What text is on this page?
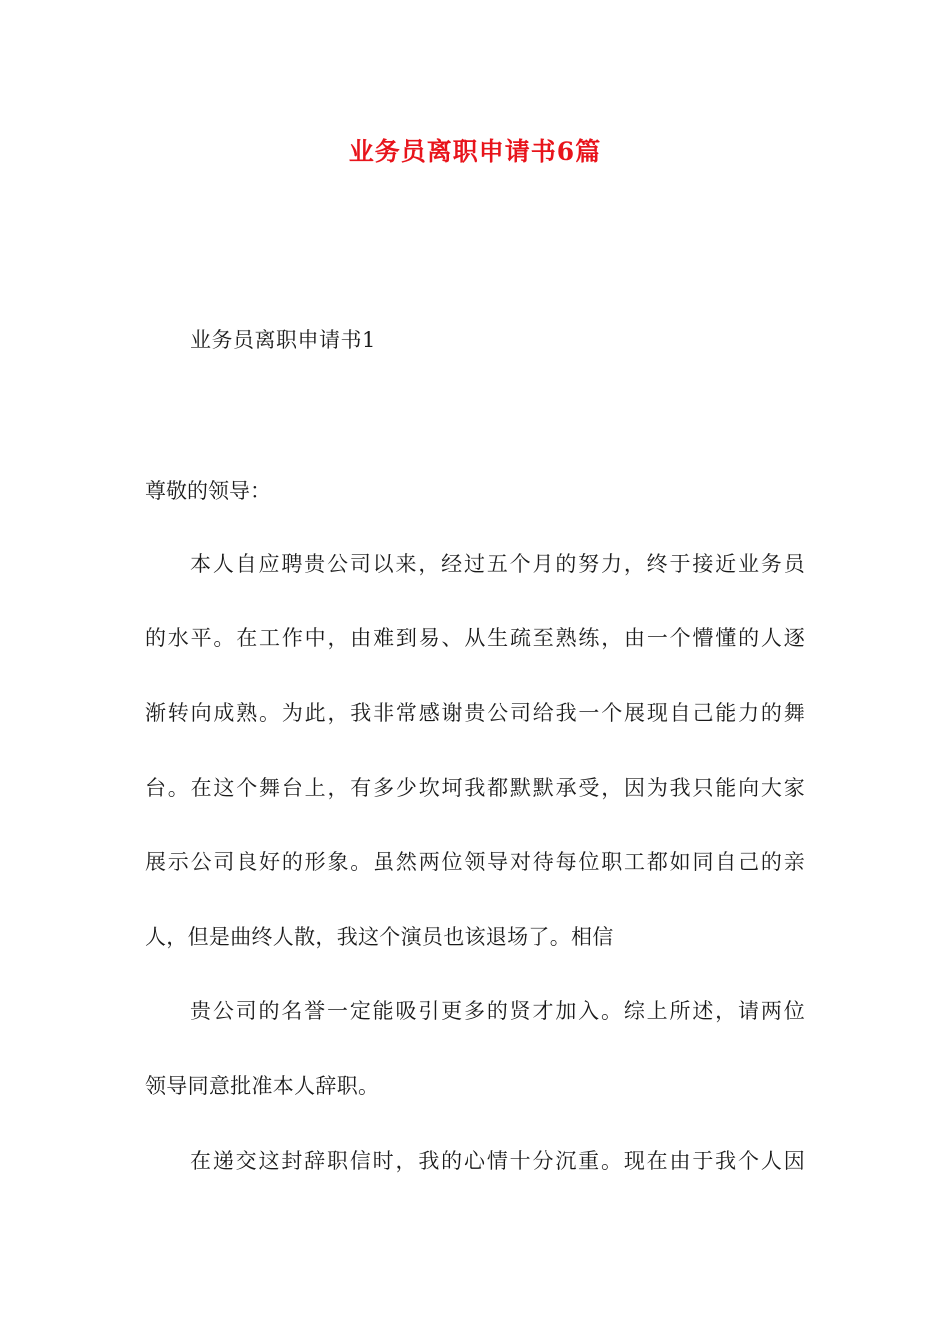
业务员离职申请书6篇
业务员离职申请书1
尊敬的领导：
本人自应聘贵公司以来，经过五个月的努力，终于接近业务员
的水平。在工作中，由难到易、从生疏至熟练，由一个懵懂的人逐
渐转向成熟。为此，我非常感谢贵公司给我一个展现自己能力的舞
台。在这个舞台上，有多少坎坷我都默默承受，因为我只能向大家
展示公司良好的形象。虽然两位领导对待每位职工都如同自己的亲
人，但是曲终人散，我这个演员也该退场了。相信
贵公司的名誉一定能吸引更多的贤才加入。综上所述，请两位
领导同意批准本人辞职。
在递交这封辞职信时，我的心情十分沉重。现在由于我个人因
